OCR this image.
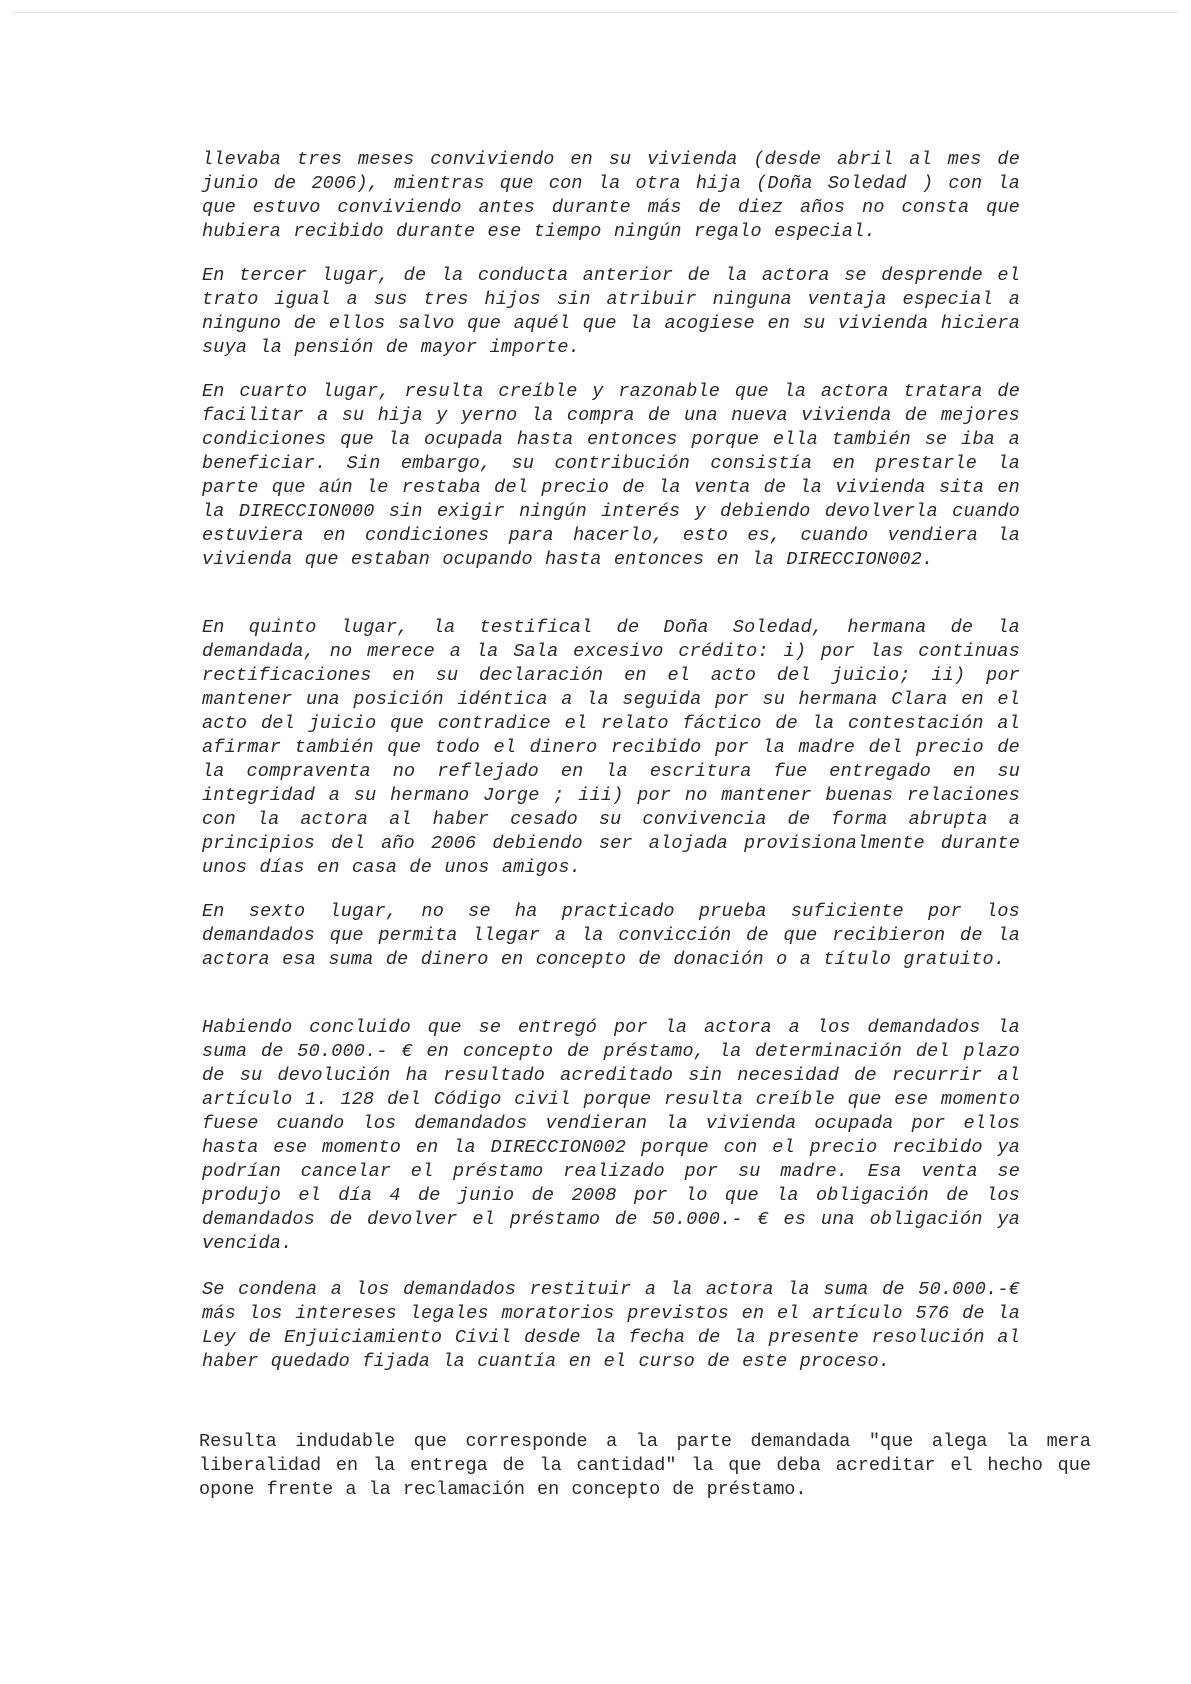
llevaba tres meses conviviendo en su vivienda (desde abril al mes de junio de 2006), mientras que con la otra hija (Doña Soledad ) con la que estuvo conviviendo antes durante más de diez años no consta que hubiera recibido durante ese tiempo ningún regalo especial.

En tercer lugar, de la conducta anterior de la actora se desprende el trato igual a sus tres hijos sin atribuir ninguna ventaja especial a ninguno de ellos salvo que aquél que la acogiese en su vivienda hiciera suya la pensión de mayor importe.

En cuarto lugar, resulta creíble y razonable que la actora tratara de facilitar a su hija y yerno la compra de una nueva vivienda de mejores condiciones que la ocupada hasta entonces porque ella también se iba a beneficiar. Sin embargo, su contribución consistía en prestarle la parte que aún le restaba del precio de la venta de la vivienda sita en la DIRECCION000 sin exigir ningún interés y debiendo devolverla cuando estuviera en condiciones para hacerlo, esto es, cuando vendiera la vivienda que estaban ocupando hasta entonces en la DIRECCION002.

En quinto lugar, la testifical de Doña Soledad, hermana de la demandada, no merece a la Sala excesivo crédito: i) por las continuas rectificaciones en su declaración en el acto del juicio; ii) por mantener una posición idéntica a la seguida por su hermana Clara en el acto del juicio que contradice el relato fáctico de la contestación al afirmar también que todo el dinero recibido por la madre del precio de la compraventa no reflejado en la escritura fue entregado en su integridad a su hermano Jorge ; iii) por no mantener buenas relaciones con la actora al haber cesado su convivencia de forma abrupta a principios del año 2006 debiendo ser alojada provisionalmente durante unos días en casa de unos amigos.

En sexto lugar, no se ha practicado prueba suficiente por los demandados que permita llegar a la convicción de que recibieron de la actora esa suma de dinero en concepto de donación o a título gratuito.

Habiendo concluido que se entregó por la actora a los demandados la suma de 50.000.- € en concepto de préstamo, la determinación del plazo de su devolución ha resultado acreditado sin necesidad de recurrir al artículo 1. 128 del Código civil porque resulta creíble que ese momento fuese cuando los demandados vendieran la vivienda ocupada por ellos hasta ese momento en la DIRECCION002 porque con el precio recibido ya podrían cancelar el préstamo realizado por su madre. Esa venta se produjo el día 4 de junio de 2008 por lo que la obligación de los demandados de devolver el préstamo de 50.000.- € es una obligación ya vencida.

Se condena a los demandados restituir a la actora la suma de 50.000.-€ más los intereses legales moratorios previstos en el artículo 576 de la Ley de Enjuiciamiento Civil desde la fecha de la presente resolución al haber quedado fijada la cuantía en el curso de este proceso.

Resulta indudable que corresponde a la parte demandada "que alega la mera liberalidad en la entrega de la cantidad" la que deba acreditar el hecho que opone frente a la reclamación en concepto de préstamo.
